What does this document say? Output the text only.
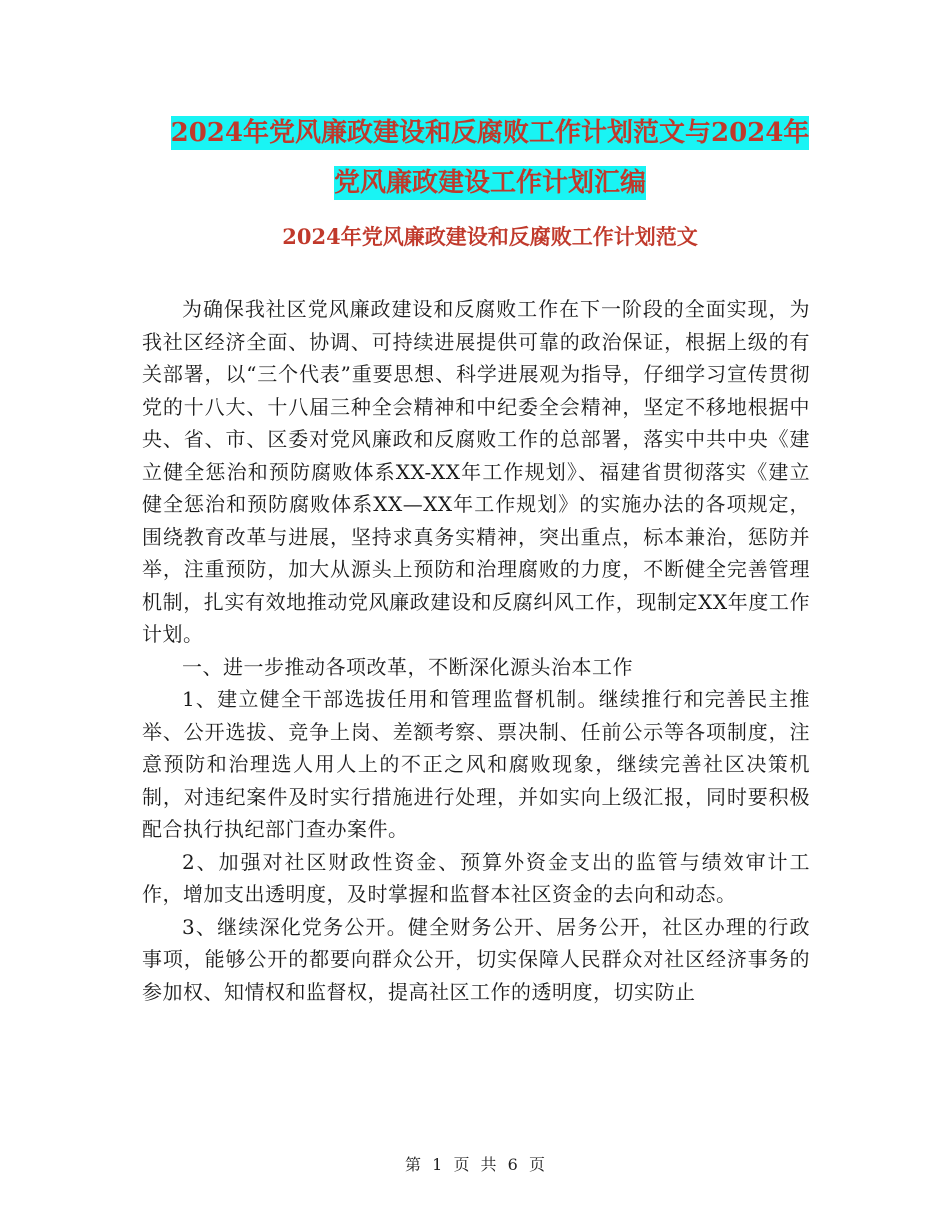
2024年党风廉政建设和反腐败工作计划范文与2024年
党风廉政建设工作计划汇编
2024年党风廉政建设和反腐败工作计划范文

为确保我社区党风廉政建设和反腐败工作在下一阶段的全面实现，为我社区经济全面、协调、可持续进展提供可靠的政治保证，根据上级的有关部署，以“三个代表”重要思想、科学进展观为指导，仔细学习宣传贯彻党的十八大、十八届三种全会精神和中纪委全会精神，坚定不移地根据中央、省、市、区委对党风廉政和反腐败工作的总部署，落实中共中央《建立健全惩治和预防腐败体系XX-XX年工作规划》、福建省贯彻落实《建立健全惩治和预防腐败体系XX—XX年工作规划》的实施办法的各项规定，围绕教育改革与进展，坚持求真务实精神，突出重点，标本兼治，惩防并举，注重预防，加大从源头上预防和治理腐败的力度，不断健全完善管理机制，扎实有效地推动党风廉政建设和反腐纠风工作，现制定XX年度工作计划。

一、进一步推动各项改革，不断深化源头治本工作

1、建立健全干部选拔任用和管理监督机制。继续推行和完善民主推举、公开选拔、竞争上岗、差额考察、票决制、任前公示等各项制度，注意预防和治理选人用人上的不正之风和腐败现象，继续完善社区决策机制，对违纪案件及时实行措施进行处理，并如实向上级汇报，同时要积极配合执行执纪部门查办案件。

2、加强对社区财政性资金、预算外资金支出的监管与绩效审计工作，增加支出透明度，及时掌握和监督本社区资金的去向和动态。

3、继续深化党务公开。健全财务公开、居务公开，社区办理的行政事项，能够公开的都要向群众公开，切实保障人民群众对社区经济事务的参加权、知情权和监督权，提高社区工作的透明度，切实防止

第 1 页 共 6 页
